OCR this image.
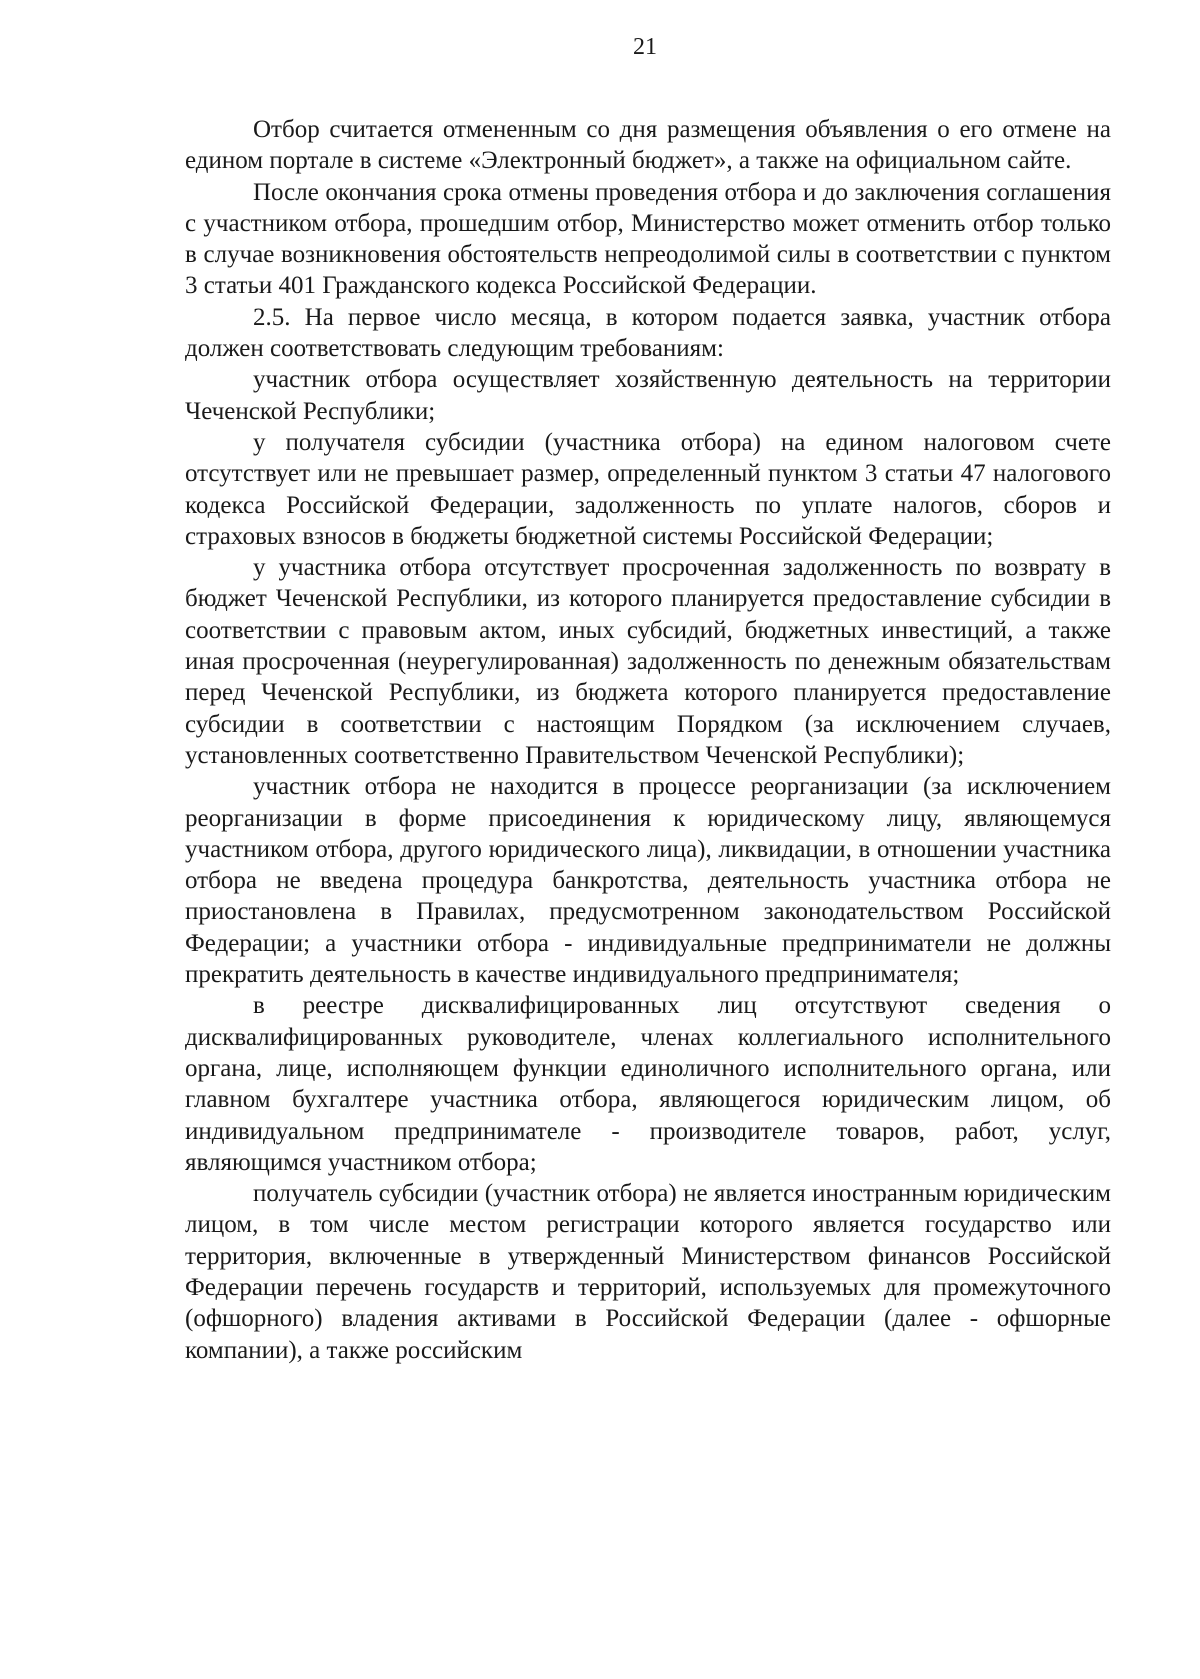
21

Отбор считается отмененным со дня размещения объявления о его отмене на едином портале в системе «Электронный бюджет», а также на официальном сайте.

После окончания срока отмены проведения отбора и до заключения соглашения с участником отбора, прошедшим отбор, Министерство может отменить отбор только в случае возникновения обстоятельств непреодолимой силы в соответствии с пунктом 3 статьи 401 Гражданского кодекса Российской Федерации.

2.5. На первое число месяца, в котором подается заявка, участник отбора должен соответствовать следующим требованиям:

участник отбора осуществляет хозяйственную деятельность на территории Чеченской Республики;

у получателя субсидии (участника отбора) на едином налоговом счете отсутствует или не превышает размер, определенный пунктом 3 статьи 47 налогового кодекса Российской Федерации, задолженность по уплате налогов, сборов и страховых взносов в бюджеты бюджетной системы Российской Федерации;

у участника отбора отсутствует просроченная задолженность по возврату в бюджет Чеченской Республики, из которого планируется предоставление субсидии в соответствии с правовым актом, иных субсидий, бюджетных инвестиций, а также иная просроченная (неурегулированная) задолженность по денежным обязательствам перед Чеченской Республики, из бюджета которого планируется предоставление субсидии в соответствии с настоящим Порядком (за исключением случаев, установленных соответственно Правительством Чеченской Республики);

участник отбора не находится в процессе реорганизации (за исключением реорганизации в форме присоединения к юридическому лицу, являющемуся участником отбора, другого юридического лица), ликвидации, в отношении участника отбора не введена процедура банкротства, деятельность участника отбора не приостановлена в Правилах, предусмотренном законодательством Российской Федерации; а участники отбора - индивидуальные предприниматели не должны прекратить деятельность в качестве индивидуального предпринимателя;

в реестре дисквалифицированных лиц отсутствуют сведения о дисквалифицированных руководителе, членах коллегиального исполнительного органа, лице, исполняющем функции единоличного исполнительного органа, или главном бухгалтере участника отбора, являющегося юридическим лицом, об индивидуальном предпринимателе - производителе товаров, работ, услуг, являющимся участником отбора;

получатель субсидии (участник отбора) не является иностранным юридическим лицом, в том числе местом регистрации которого является государство или территория, включенные в утвержденный Министерством финансов Российской Федерации перечень государств и территорий, используемых для промежуточного (офшорного) владения активами в Российской Федерации (далее - офшорные компании), а также российским
